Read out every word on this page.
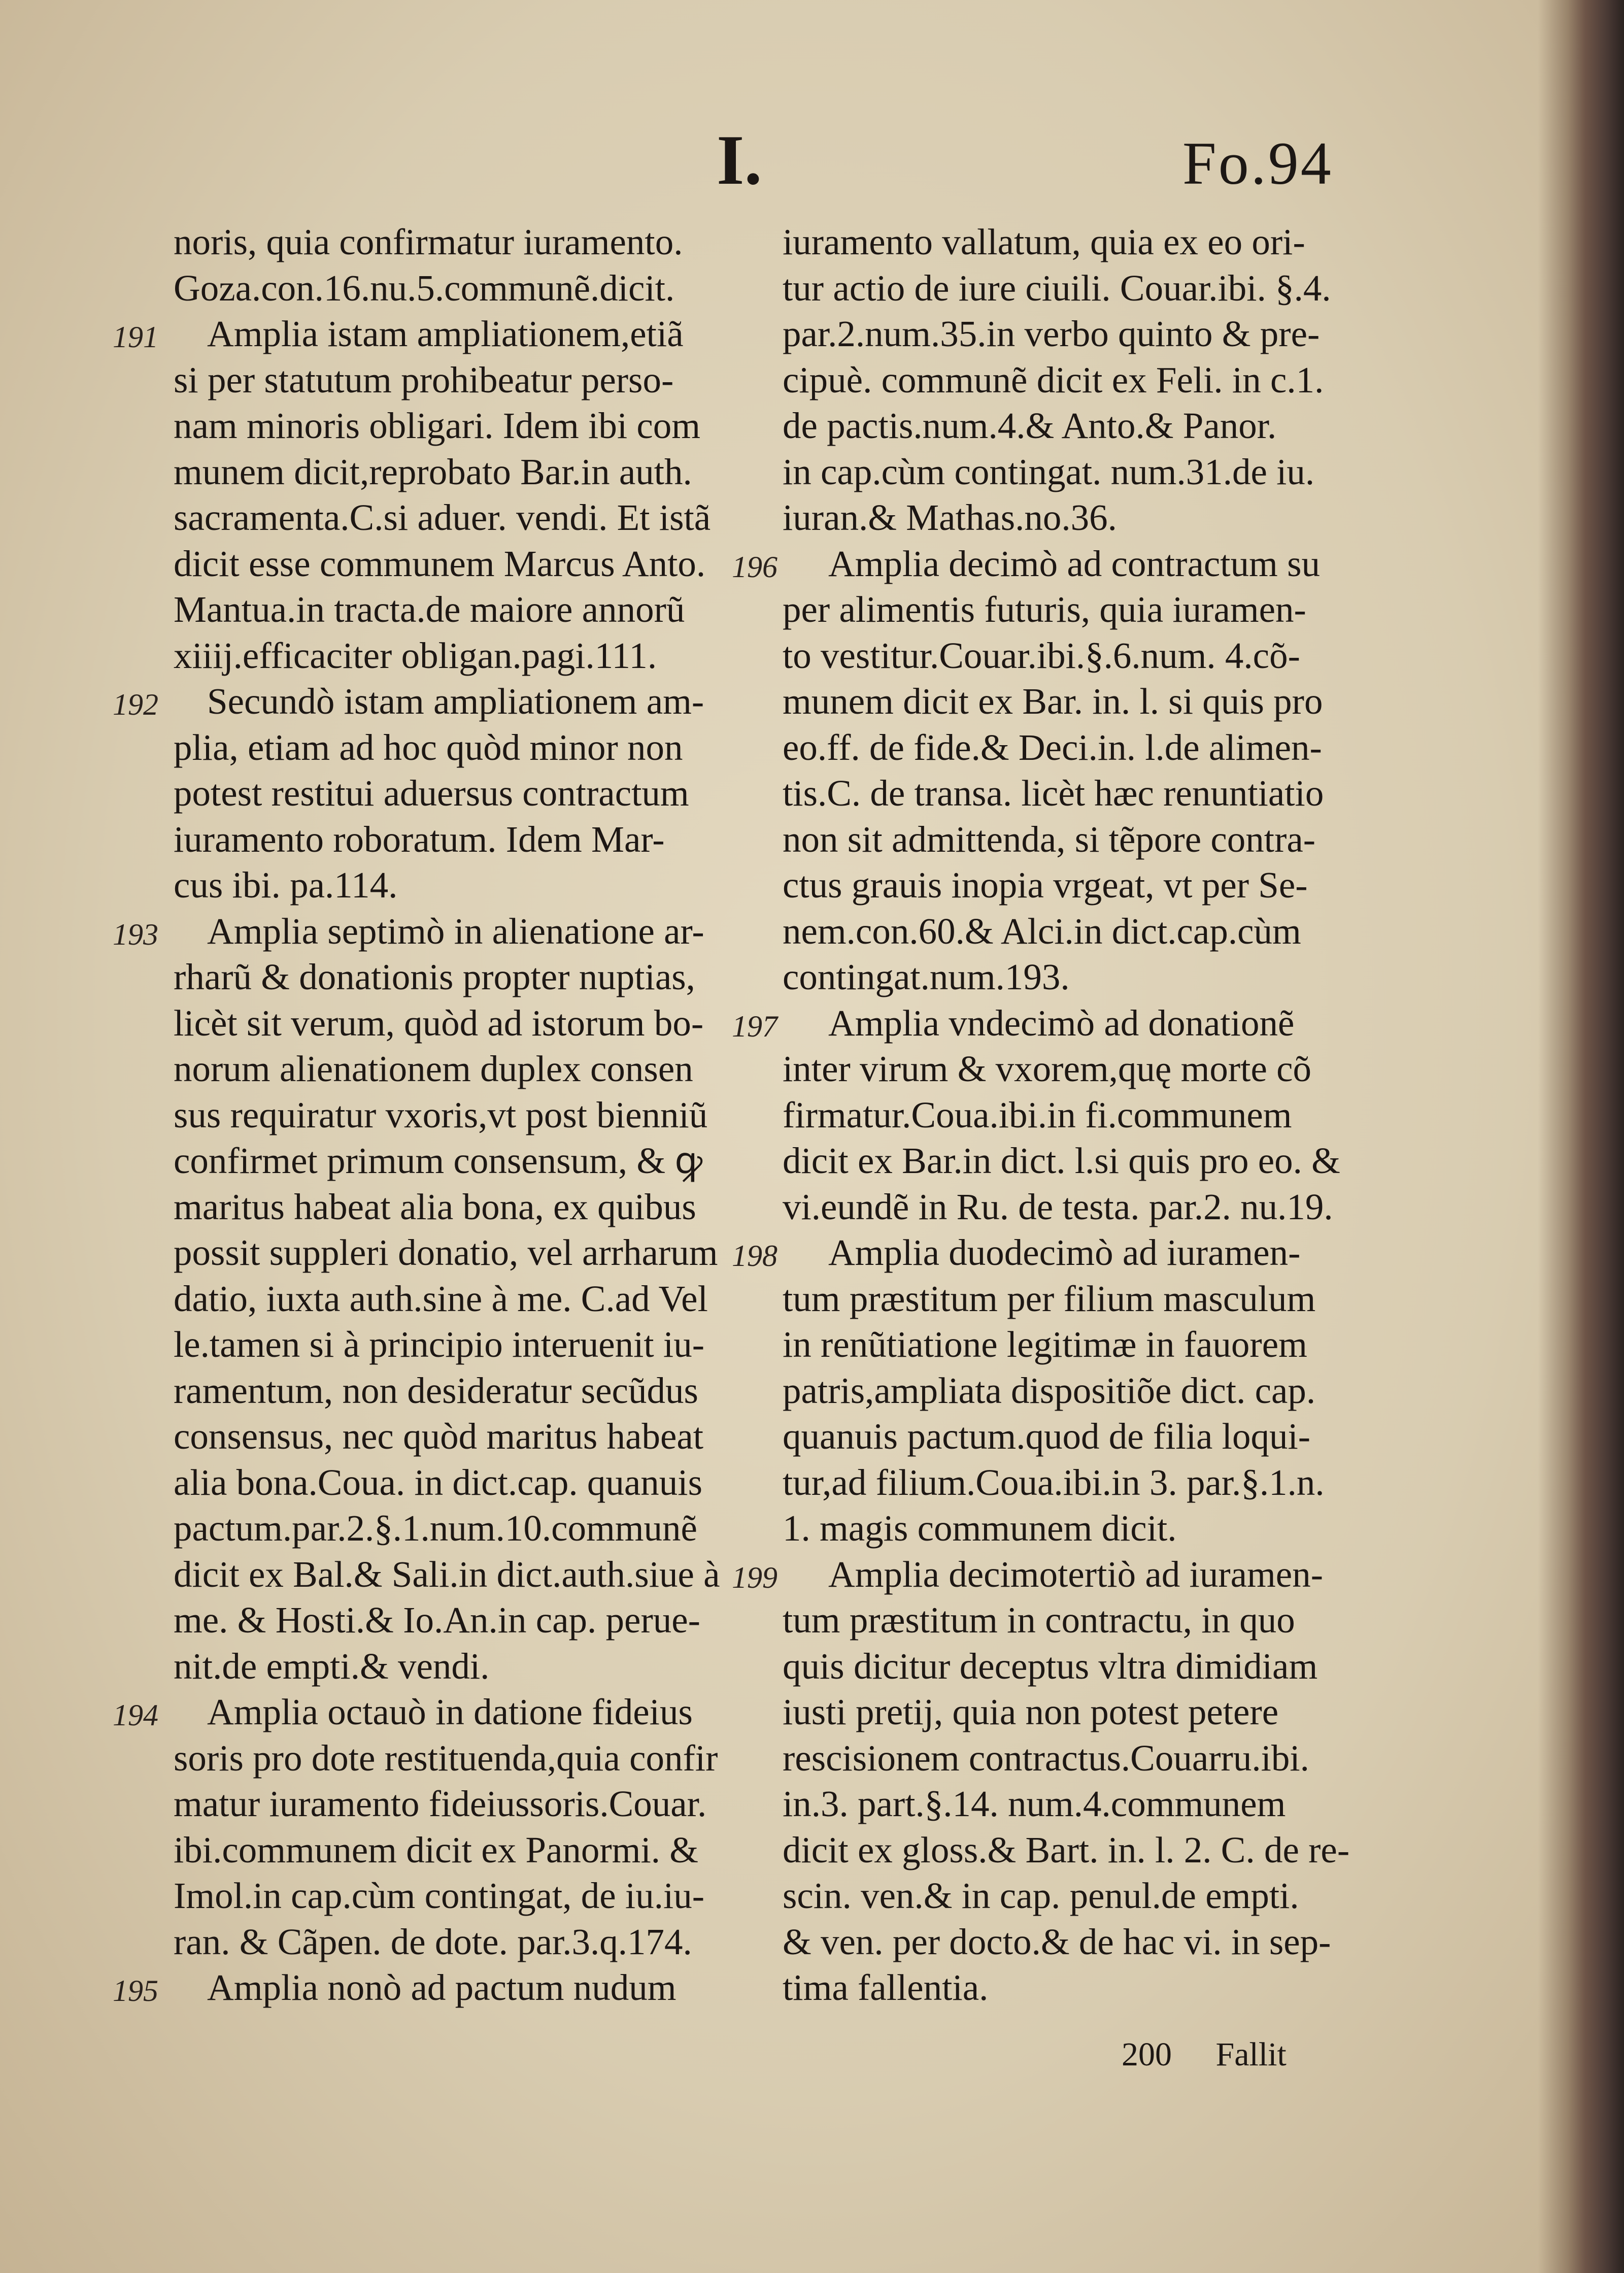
I.	Fo.94
noris, quia confirmatur iuramento.
Goza.con.16.nu.5.communẽ.dicit.
191 Amplia istam ampliationem,etiã
si per statutum prohibeatur perso-
nam minoris obligari. Idem ibi com
munem dicit,reprobato Bar.in auth.
sacramenta.C.si aduer. vendi. Et istã
dicit esse communem Marcus Anto.
Mantua.in tracta.de maiore annorũ
xiiij.efficaciter obligan.pagi.111.
192 Secundò istam ampliationem am-
plia, etiam ad hoc quòd minor non
potest restitui aduersus contractum
iuramento roboratum. Idem Mar-
cus ibi. pa.114.
193 Amplia septimò in alienatione ar-
rharũ & donationis propter nuptias,
licèt sit verum, quòd ad istorum bo-
norum alienationem duplex consen
sus requiratur vxoris,vt post bienniũ
confirmet primum consensum, & ꝙ
maritus habeat alia bona, ex quibus
possit suppleri donatio, vel arrharum
datio, iuxta auth.sine à me. C.ad Vel
le.tamen si à principio interuenit iu-
ramentum, non desideratur secũdus
consensus, nec quòd maritus habeat
alia bona.Coua. in dict.cap. quanuis
pactum.par.2.§.1.num.10.communẽ
dicit ex Bal.& Sali.in dict.auth.siue à
me. & Hosti.& Io.An.in cap. perue-
nit.de empti.& vendi.
194 Amplia octauò in datione fideius
soris pro dote restituenda,quia confir
matur iuramento fideiussoris.Couar.
ibi.communem dicit ex Panormi. &
Imol.in cap.cùm contingat, de iu.iu-
ran. & Cãpen. de dote. par.3.q.174.
195 Amplia nonò ad pactum nudum
iuramento vallatum, quia ex eo ori-
tur actio de iure ciuili. Couar.ibi. §.4.
par.2.num.35.in verbo quinto & pre-
cipuè. communẽ dicit ex Feli. in c.1.
de pactis.num.4.& Anto.& Panor.
in cap.cùm contingat. num.31.de iu.
iuran.& Mathas.no.36.
196 Amplia decimò ad contractum su
per alimentis futuris, quia iuramen-
to vestitur.Couar.ibi.§.6.num. 4.cõ-
munem dicit ex Bar. in. l. si quis pro
eo.ff. de fide.& Deci.in. l.de alimen-
tis.C. de transa. licèt hæc renuntiatio
non sit admittenda, si tẽpore contra-
ctus grauis inopia vrgeat, vt per Se-
nem.con.60.& Alci.in dict.cap.cùm
contingat.num.193.
197 Amplia vndecimò ad donationẽ
inter virum & vxorem,quę morte cõ
firmatur.Coua.ibi.in fi.communem
dicit ex Bar.in dict. l.si quis pro eo. &
vi.eundẽ in Ru. de testa. par.2. nu.19.
198 Amplia duodecimò ad iuramen-
tum præstitum per filium masculum
in renũtiatione legitimæ in fauorem
patris,ampliata dispositiõe dict. cap.
quanuis pactum.quod de filia loqui-
tur,ad filium.Coua.ibi.in 3. par.§.1.n.
1. magis communem dicit.
199 Amplia decimotertiò ad iuramen-
tum præstitum in contractu, in quo
quis dicitur deceptus vltra dimidiam
iusti pretij, quia non potest petere
rescisionem contractus.Couarru.ibi.
in.3. part.§.14. num.4.communem
dicit ex gloss.& Bart. in. l. 2. C. de re-
scin. ven.& in cap. penul.de empti.
& ven. per docto.& de hac vi. in sep-
tima fallentia.
200 Fallit
